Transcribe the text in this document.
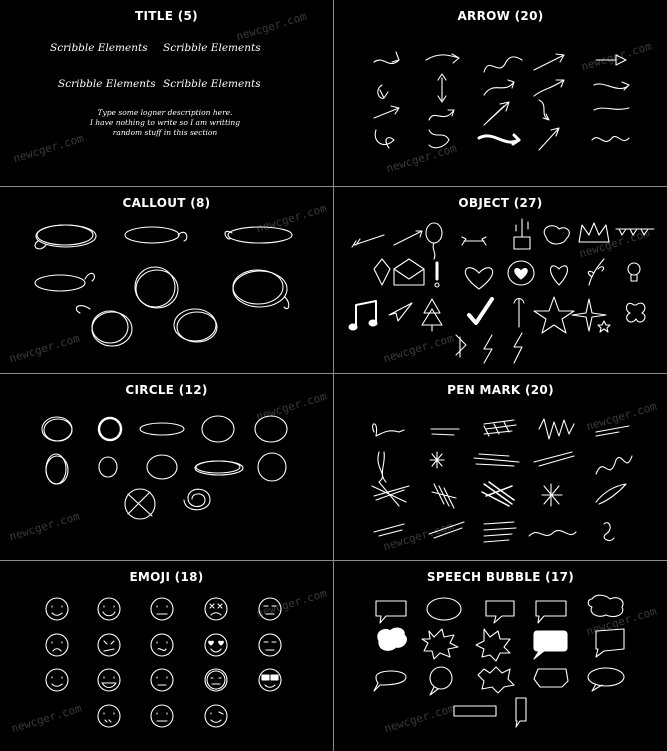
TITLE (5)
Scribble Elements Scribble Elements
Scribble Elements Scribble Elements
Type some logner description here.
I have nothing to write so I am writting
random stuff in this section
ARROW (20)
CALLOUT (8)	OBJECT (27)
CIRCLE (12)	PEN MARK (20)
EMOJI (18)	SPEECH BUBBLE (17)
newcger.com
newcger.com
newcger.com
newcger.com
newcger.com
newcger.com
newcger.com	newcger.com
newcger.com	newcger.com
newcger.com	newcger.com
newcger.com
newcger.com
newcger.com	newcger.com
